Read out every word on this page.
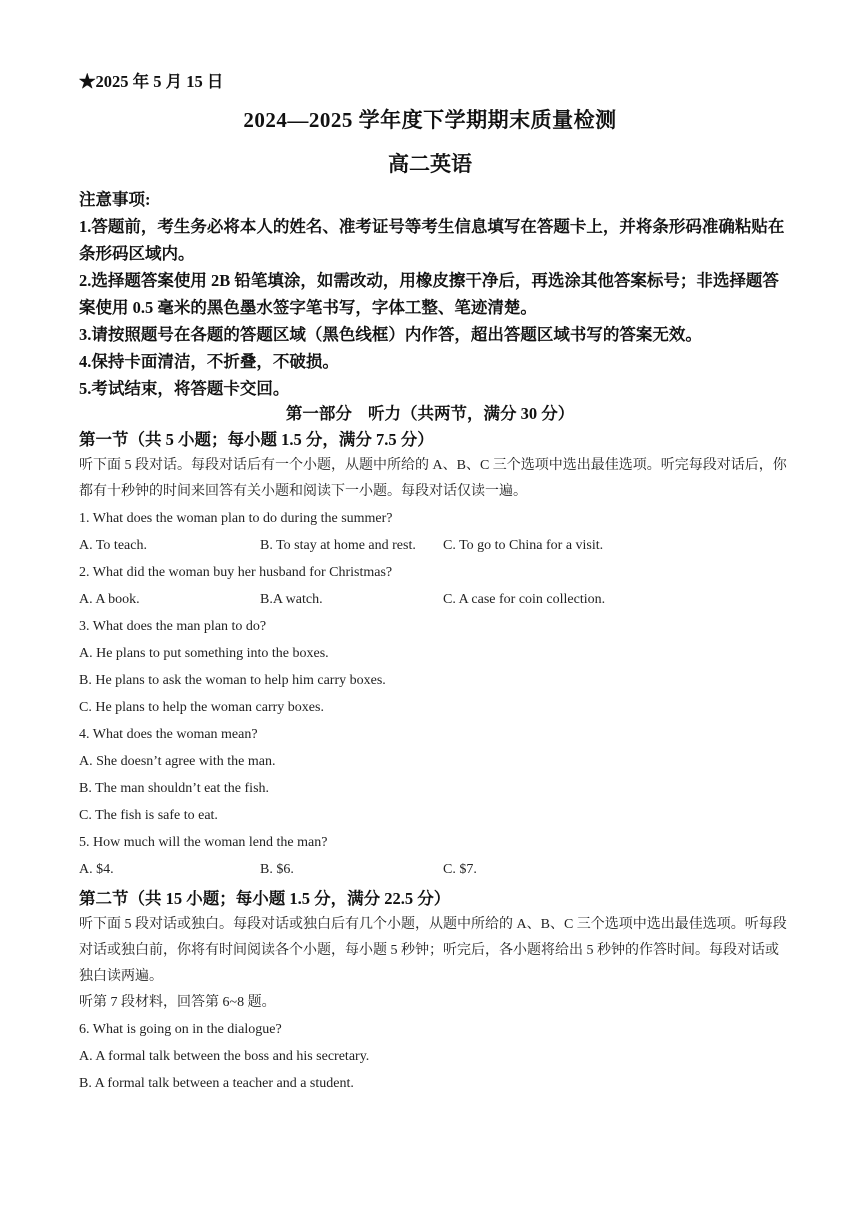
★2025 年 5 月 15 日
2024—2025 学年度下学期期末质量检测
高二英语

注意事项:

1.答题前，考生务必将本人的姓名、准考证号等考生信息填写在答题卡上，并将条形码准确粘贴在条形码区域内。

2.选择题答案使用 2B 铅笔填涂，如需改动，用橡皮擦干净后，再选涂其他答案标号；非选择题答案使用 0.5 毫米的黑色墨水签字笔书写，字体工整、笔迹清楚。

3.请按照题号在各题的答题区域（黑色线框）内作答，超出答题区域书写的答案无效。

4.保持卡面清洁，不折叠，不破损。

5.考试结束，将答题卡交回。

第一部分 听力（共两节，满分 30 分）

第一节（共 5 小题；每小题 1.5 分，满分 7.5 分）

听下面 5 段对话。每段对话后有一个小题，从题中所给的 A、B、C 三个选项中选出最佳选项。听完每段对话后，你都有十秒钟的时间来回答有关小题和阅读下一小题。每段对话仅读一遍。

1. What does the woman plan to do during the summer?

A. To teach.	B. To stay at home and rest.	C. To go to China for a visit.

2. What did the woman buy her husband for Christmas?

A. A book.	B.A watch.	C. A case for coin collection.

3. What does the man plan to do?

A. He plans to put something into the boxes.

B. He plans to ask the woman to help him carry boxes.

C. He plans to help the woman carry boxes.

4. What does the woman mean?

A. She doesn’t agree with the man.

B. The man shouldn’t eat the fish.

C. The fish is safe to eat.

5. How much will the woman lend the man?

A. $4.	B. $6.	C. $7.

第二节（共 15 小题；每小题 1.5 分，满分 22.5 分）

听下面 5 段对话或独白。每段对话或独白后有几个小题，从题中所给的 A、B、C 三个选项中选出最佳选项。听每段对话或独白前，你将有时间阅读各个小题，每小题 5 秒钟；听完后，各小题将给出 5 秒钟的作答时间。每段对话或独白读两遍。

听第 7 段材料，回答第 6~8 题。

6. What is going on in the dialogue?

A. A formal talk between the boss and his secretary.

B. A formal talk between a teacher and a student.
